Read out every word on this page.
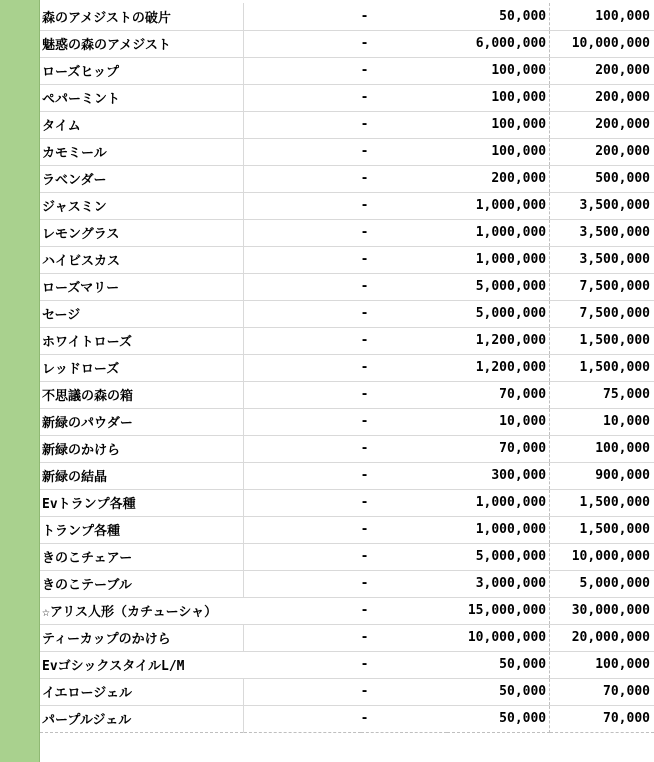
森のアメジストの破片		-	50,000	100,000
魅惑の森のアメジスト		-	6,000,000	10,000,000
ローズヒップ		-	100,000	200,000
ペパーミント		-	100,000	200,000
タイム		-	100,000	200,000
カモミール		-	100,000	200,000
ラベンダー		-	200,000	500,000
ジャスミン		-	1,000,000	3,500,000
レモングラス		-	1,000,000	3,500,000
ハイビスカス		-	1,000,000	3,500,000
ローズマリー		-	5,000,000	7,500,000
セージ		-	5,000,000	7,500,000
ホワイトローズ		-	1,200,000	1,500,000
レッドローズ		-	1,200,000	1,500,000
不思議の森の箱		-	70,000	75,000
新緑のパウダー		-	10,000	10,000
新緑のかけら		-	70,000	100,000
新緑の結晶		-	300,000	900,000
Evトランプ各種		-	1,000,000	1,500,000
トランプ各種		-	1,000,000	1,500,000
きのこチェアー		-	5,000,000	10,000,000
きのこテーブル		-	3,000,000	5,000,000
☆アリス人形（カチューシャ）		-	15,000,000	30,000,000
ティーカップのかけら		-	10,000,000	20,000,000
EvゴシックスタイルL/M		-	50,000	100,000
イエロージェル		-	50,000	70,000
パープルジェル		-	50,000	70,000
